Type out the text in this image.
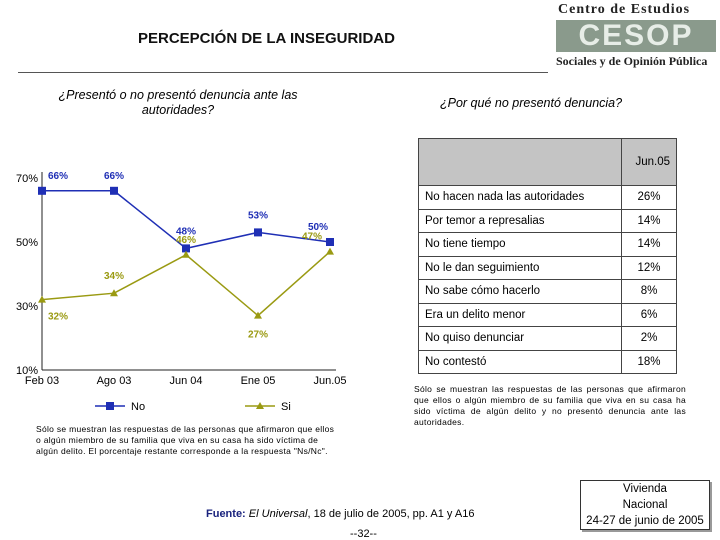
PERCEPCIÓN DE LA INSEGURIDAD
Centro de Estudios
CESOP
Sociales y de Opinión Pública
¿Presentó o no presentó denuncia ante las autoridades?	¿Por qué no presentó denuncia?
70%
50%
30%
10%
Feb 03	Ago 03	Jun 04	Ene 05	Jun.05
66%	66%
48%
53%
50%
32%
34%
46%
27%
47%
No	Si
	Jun.05
No hacen nada las autoridades	26%
Por temor a represalias	14%
No tiene tiempo	14%
No le dan seguimiento	12%
No sabe cómo hacerlo	8%
Era un delito menor	6%
No quiso denunciar	2%
No contestó	18%
Sólo se muestran las respuestas de las personas que afirmaron que ellos o algún miembro de su familia que viva en su casa ha sido víctima de algún delito. El porcentaje restante corresponde a la respuesta "Ns/Nc".
Sólo se muestran las respuestas de las personas que afirmaron que ellos o algún miembro de su familia que viva en su casa ha sido víctima de algún delito y no presentó denuncia ante las autoridades.
Fuente: El Universal, 18 de julio de 2005, pp. A1 y A16
--32--
Vivienda
Nacional
24-27 de junio de 2005
